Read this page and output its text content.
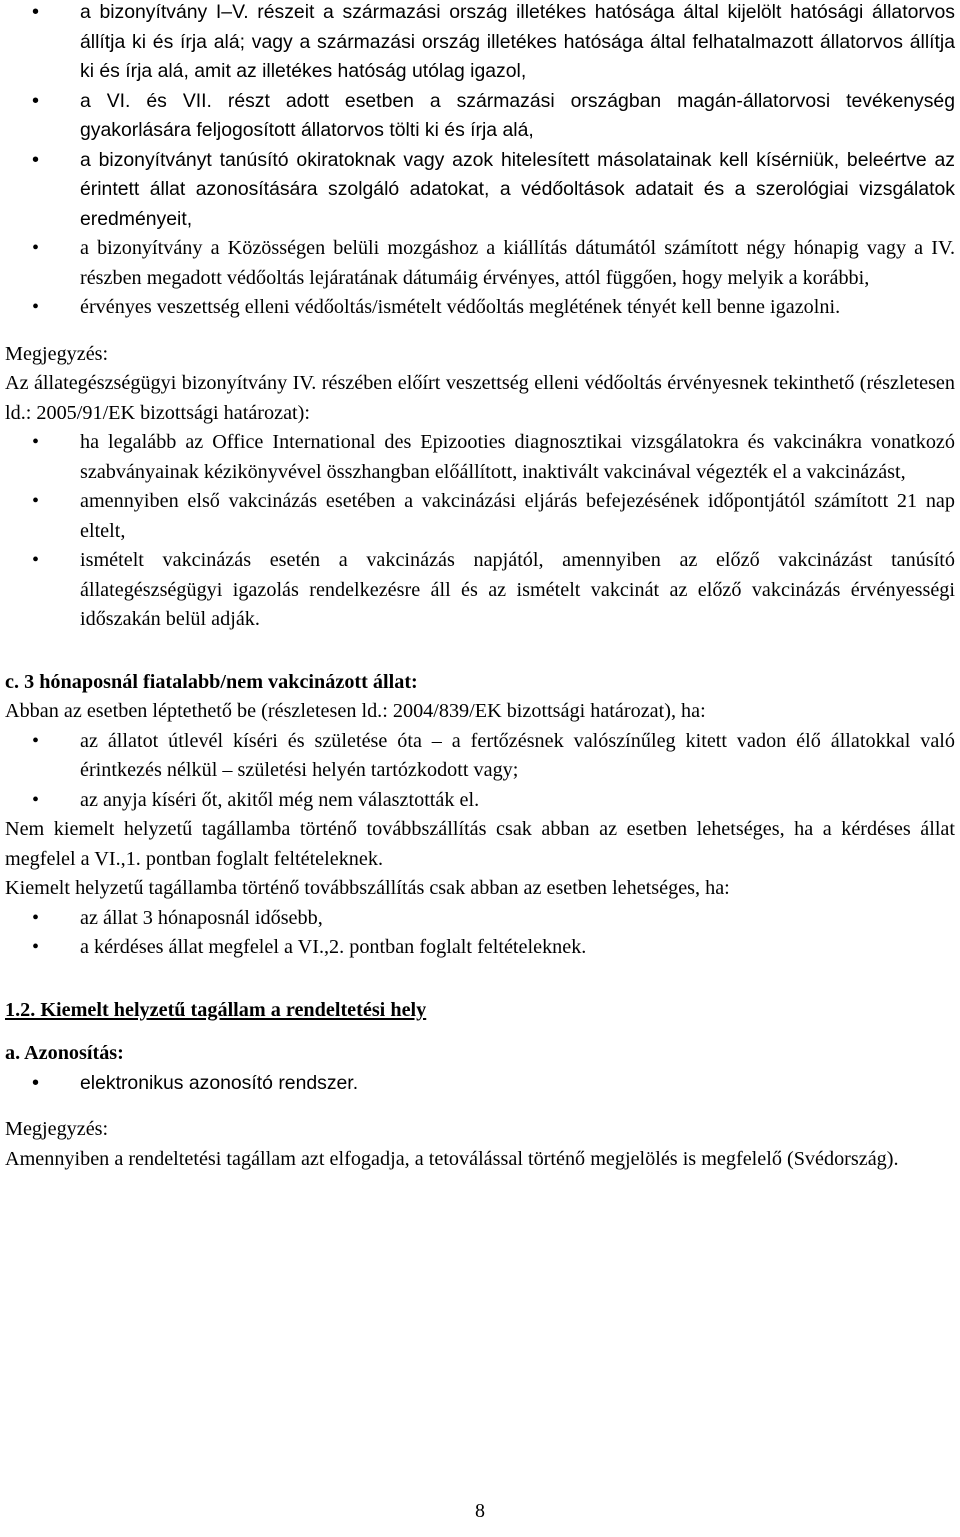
• a bizonyítvány I–V. részeit a származási ország illetékes hatósága által kijelölt hatósági állatorvos állítja ki és írja alá; vagy a származási ország illetékes hatósága által felhatalmazott állatorvos állítja ki és írja alá, amit az illetékes hatóság utólag igazol,
• a VI. és VII. részt adott esetben a származási országban magán-állatorvosi tevékenység gyakorlására feljogosított állatorvos tölti ki és írja alá,
• a bizonyítványt tanúsító okiratoknak vagy azok hitelesített másolatainak kell kísérniük, beleértve az érintett állat azonosítására szolgáló adatokat, a védőoltások adatait és a szerológiai vizsgálatok eredményeit,
• a bizonyítvány a Közösségen belüli mozgáshoz a kiállítás dátumától számított négy hónapig vagy a IV. részben megadott védőoltás lejáratának dátumáig érvényes, attól függően, hogy melyik a korábbi,
• érvényes veszettség elleni védőoltás/ismételt védőoltás meglétének tényét kell benne igazolni.

Megjegyzés:

Az állategészségügyi bizonyítvány IV. részében előírt veszettség elleni védőoltás érvényesnek tekinthető (részletesen ld.: 2005/91/EK bizottsági határozat):

• ha legalább az Office International des Epizooties diagnosztikai vizsgálatokra és vakcinákra vonatkozó szabványainak kézikönyvével összhangban előállított, inaktivált vakcinával végezték el a vakcinázást,
• amennyiben első vakcinázás esetében a vakcinázási eljárás befejezésének időpontjától számított 21 nap eltelt,
• ismételt vakcinázás esetén a vakcinázás napjától, amennyiben az előző vakcinázást tanúsító állategészségügyi igazolás rendelkezésre áll és az ismételt vakcinát az előző vakcinázás érvényességi időszakán belül adják.

c. 3 hónaposnál fiatalabb/nem vakcinázott állat:

Abban az esetben léptethető be (részletesen ld.: 2004/839/EK bizottsági határozat), ha:

• az állatot útlevél kíséri és születése óta – a fertőzésnek valószínűleg kitett vadon élő állatokkal való érintkezés nélkül – születési helyén tartózkodott vagy;
• az anyja kíséri őt, akitől még nem választották el.

Nem kiemelt helyzetű tagállamba történő továbbszállítás csak abban az esetben lehetséges, ha a kérdéses állat megfelel a VI.,1. pontban foglalt feltételeknek.

Kiemelt helyzetű tagállamba történő továbbszállítás csak abban az esetben lehetséges, ha:

• az állat 3 hónaposnál idősebb,
• a kérdéses állat megfelel a VI.,2. pontban foglalt feltételeknek.

1.2. Kiemelt helyzetű tagállam a rendeltetési hely

a. Azonosítás:

• elektronikus azonosító rendszer.

Megjegyzés:

Amennyiben a rendeltetési tagállam azt elfogadja, a tetoválással történő megjelölés is megfelelő (Svédország).

8
